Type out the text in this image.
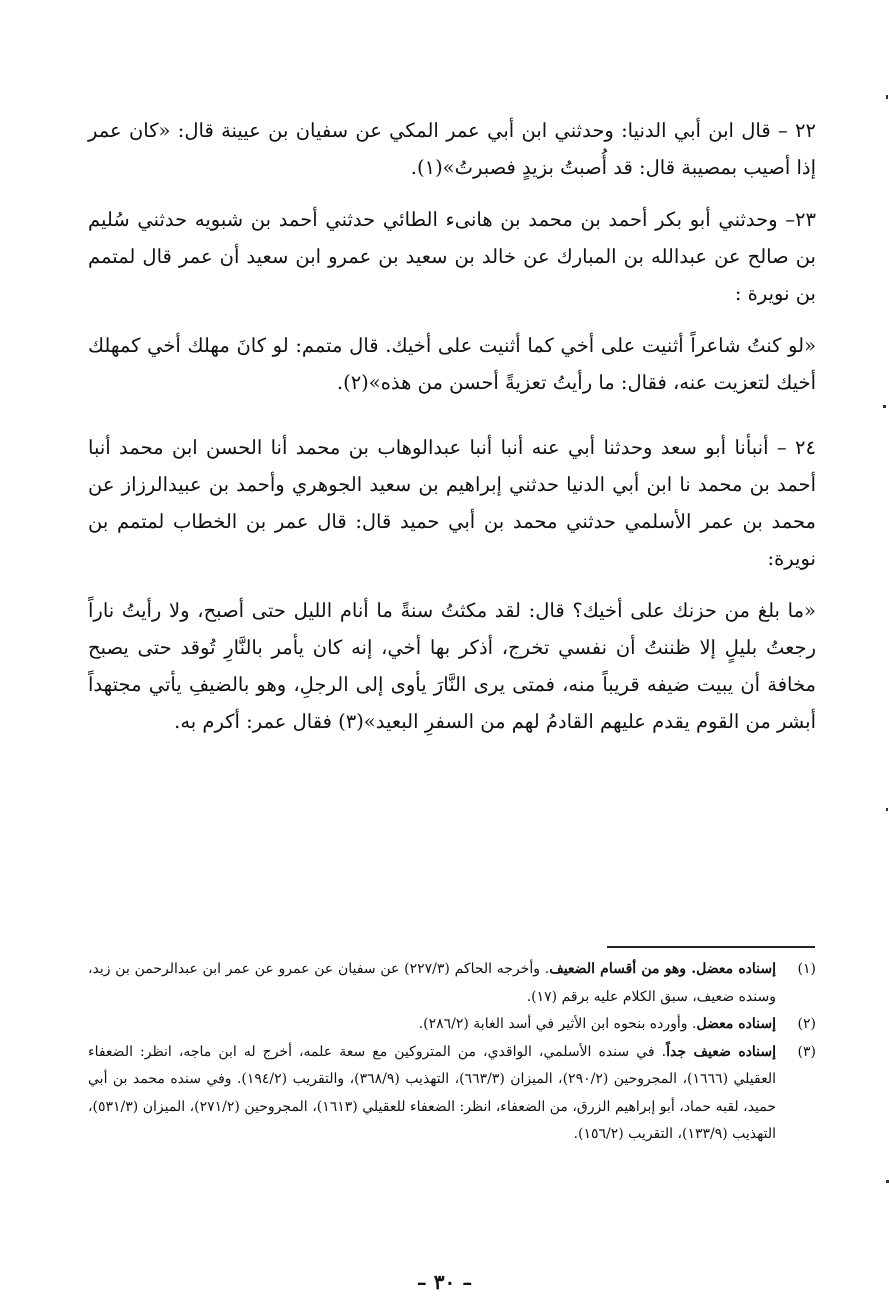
٢٢ – قال ابن أبي الدنيا: وحدثني ابن أبي عمر المكي عن سفيان بن عيينة قال: «كان عمر إذا أصيب بمصيبة قال: قد أُصبتُ بزيدٍ فصبرتُ»(١).

٢٣– وحدثني أبو بكر أحمد بن محمد بن هانىء الطائي حدثني أحمد بن شبويه حدثني سُليم بن صالح عن عبدالله بن المبارك عن خالد بن سعيد بن عمرو ابن سعيد أن عمر قال لمتمم بن نويرة :

«لو كنتُ شاعراً أثنيت على أخي كما أثنيت على أخيك. قال متمم: لو كانَ مهلك أخي كمهلك أخيك لتعزيت عنه، فقال: ما رأيتُ تعزيةً أحسن من هذه»(٢).

٢٤ – أنبأنا أبو سعد وحدثنا أبي عنه أنبا أنبا عبدالوهاب بن محمد أنا الحسن ابن محمد أنبا أحمد بن محمد نا ابن أبي الدنيا حدثني إبراهيم بن سعيد الجوهري وأحمد بن عبيدالرزاز عن محمد بن عمر الأسلمي حدثني محمد بن أبي حميد قال: قال عمر بن الخطاب لمتمم بن نويرة:

«ما بلغ من حزنك على أخيك؟ قال: لقد مكثتُ سنةً ما أنام الليل حتى أصبح، ولا رأيتُ ناراً رجعتُ بليلٍ إلا ظننتُ أن نفسي تخرج، أذكر بها أخي، إنه كان يأمر بالنَّارِ تُوقد حتى يصبح مخافة أن يبيت ضيفه قريباً منه، فمتى يرى النَّارَ يأوى إلى الرجلِ، وهو بالضيفِ يأتي مجتهداً أبشر من القوم يقدم عليهم القادمُ لهم من السفرِ البعيد»(٣) فقال عمر: أكرم به.

(١)
إسناده معضل. وهو من أقسام الضعيف. وأخرجه الحاكم (٢٢٧/٣) عن سفيان عن عمرو عن عمر ابن عبدالرحمن بن زيد، وسنده ضعيف، سبق الكلام عليه برقم (١٧).

(٢)
إسناده معضل. وأورده بنحوه ابن الأثير في أسد الغابة (٢٨٦/٢).

(٣)
إسناده ضعيف جداً. في سنده الأسلمي، الواقدي، من المتروكين مع سعة علمه، أخرج له ابن ماجه، انظر: الضعفاء العقيلي (١٦٦٦)، المجروحين (٢٩٠/٢)، الميزان (٦٦٣/٣)، التهذيب (٣٦٨/٩)، والتقريب (١٩٤/٢). وفي سنده محمد بن أبي حميد، لقبه حماد، أبو إبراهيم الزرق، من الضعفاء، انظر: الضعفاء للعقيلي (١٦١٣)، المجروحين (٢٧١/٢)، الميزان (٥٣١/٣)، التهذيب (١٣٣/٩)، التقريب (١٥٦/٢).

– ٣٠ –
